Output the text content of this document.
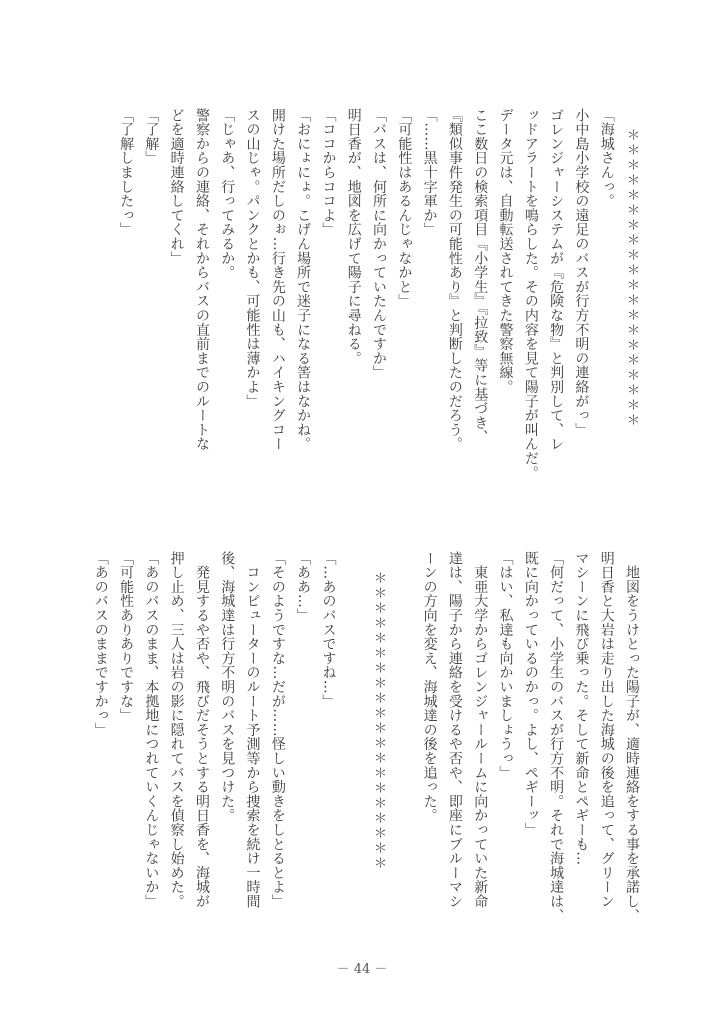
＊＊＊＊＊＊＊＊＊＊＊＊＊＊＊＊＊＊＊＊
「海城さんっ。
小中島小学校の遠足のバスが行方不明の連絡がっ」
ゴレンジャーシステムが『危険な物』と判別して、レ
ッドアラートを鳴らした。その内容を見て陽子が叫んだ。
データ元は、自動転送されてきた警察無線。
ここ数日の検索項目『小学生』『拉致』等に基づき、
『類似事件発生の可能性あり』と判断したのだろう。
「……黒十字軍か」
「可能性はあるんじゃなかと」
「バスは、何所に向かっていたんですか」
明日香が、地図を広げて陽子に尋ねる。
「ココからココよ」
「おにょにょ。こげん場所で迷子になる筈はなかね。
開けた場所だしのぉ…行き先の山も、ハイキングコー
スの山じゃ。パンクとかも、可能性は薄かよ」
「じゃあ、行ってみるか。
警察からの連絡、それからバスの直前までのルートな
どを適時連絡してくれ」
「了解」
「了解しましたっ」
　地図をうけとった陽子が、適時連絡をする事を承諾し、
明日香と大岩は走り出した海城の後を追って、グリーン
マシーンに飛び乗った。そして新命とペギーも…
「何だって、小学生のバスが行方不明。それで海城達は、
既に向かっているのかっ。よし、ペギーッ」
「はい、私達も向かいましょうっ」
　東亜大学からゴレンジャールームに向かっていた新命
達は、陽子から連絡を受けるや否や、即座にブルーマシ
ーンの方向を変え、海城達の後を追った。
＊＊＊＊＊＊＊＊＊＊＊＊＊＊＊＊＊＊＊＊
「…あのバスですね…」
「ああ…」
「そのようですな…だが……怪しい動きをしとるとよ」
　コンピューターのルート予測等から捜索を続け一時間
後、海城達は行方不明のバスを見つけた。
　発見するや否や、飛びだそうとする明日香を、海城が
押し止め、三人は岩の影に隠れてバスを偵察し始めた。
「あのバスのまま、本拠地につれていくんじゃないか」
「可能性ありありですな」
「あのバスのままですかっ」
－ 44 －
